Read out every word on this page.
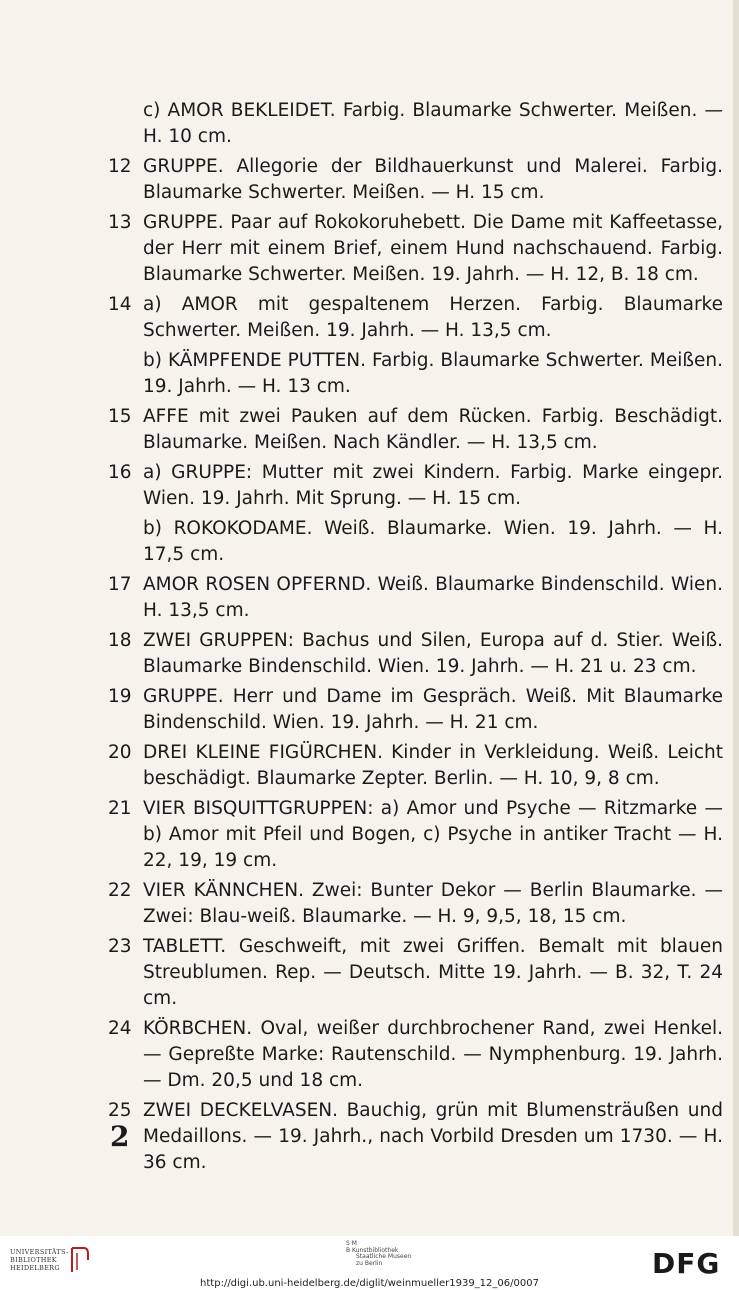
c) AMOR BEKLEIDET. Farbig. Blaumarke Schwerter. Meißen. — H. 10 cm.
12 GRUPPE. Allegorie der Bildhauerkunst und Malerei. Farbig. Blaumarke Schwerter. Meißen. — H. 15 cm.
13 GRUPPE. Paar auf Rokokoruhebett. Die Dame mit Kaffeetasse, der Herr mit einem Brief, einem Hund nachschauend. Farbig. Blaumarke Schwerter. Meißen. 19. Jahrh. — H. 12, B. 18 cm.
14 a) AMOR mit gespaltenem Herzen. Farbig. Blaumarke Schwerter. Meißen. 19. Jahrh. — H. 13,5 cm.
b) KÄMPFENDE PUTTEN. Farbig. Blaumarke Schwerter. Meißen. 19. Jahrh. — H. 13 cm.
15 AFFE mit zwei Pauken auf dem Rücken. Farbig. Beschädigt. Blaumarke. Meißen. Nach Kändler. — H. 13,5 cm.
16 a) GRUPPE: Mutter mit zwei Kindern. Farbig. Marke eingepr. Wien. 19. Jahrh. Mit Sprung. — H. 15 cm.
b) ROKOKODAME. Weiß. Blaumarke. Wien. 19. Jahrh. — H. 17,5 cm.
17 AMOR ROSEN OPFERND. Weiß. Blaumarke Bindenschild. Wien. H. 13,5 cm.
18 ZWEI GRUPPEN: Bachus und Silen, Europa auf d. Stier. Weiß. Blaumarke Bindenschild. Wien. 19. Jahrh. — H. 21 u. 23 cm.
19 GRUPPE. Herr und Dame im Gespräch. Weiß. Mit Blaumarke Bindenschild. Wien. 19. Jahrh. — H. 21 cm.
20 DREI KLEINE FIGÜRCHEN. Kinder in Verkleidung. Weiß. Leicht beschädigt. Blaumarke Zepter. Berlin. — H. 10, 9, 8 cm.
21 VIER BISQUITTGRUPPEN: a) Amor und Psyche — Ritzmarke — b) Amor mit Pfeil und Bogen, c) Psyche in antiker Tracht — H. 22, 19, 19 cm.
22 VIER KÄNNCHEN. Zwei: Bunter Dekor — Berlin Blaumarke. — Zwei: Blau-weiß. Blaumarke. — H. 9, 9,5, 18, 15 cm.
23 TABLETT. Geschweift, mit zwei Griffen. Bemalt mit blauen Streublumen. Rep. — Deutsch. Mitte 19. Jahrh. — B. 32, T. 24 cm.
24 KÖRBCHEN. Oval, weißer durchbrochener Rand, zwei Henkel. — Gepreßte Marke: Rautenschild. — Nymphenburg. 19. Jahrh. — Dm. 20,5 und 18 cm.
25 ZWEI DECKELVASEN. Bauchig, grün mit Blumensträußen und Medaillons. — 19. Jahrh., nach Vorbild Dresden um 1730. — H. 36 cm.
2
UNIVERSITÄTS-
BIBLIOTHEK
HEIDELBERG
S M
B Kunstbibliothek
Staatliche Museen
zu Berlin	DFG
http://digi.ub.uni-heidelberg.de/diglit/weinmueller1939_12_06/0007
